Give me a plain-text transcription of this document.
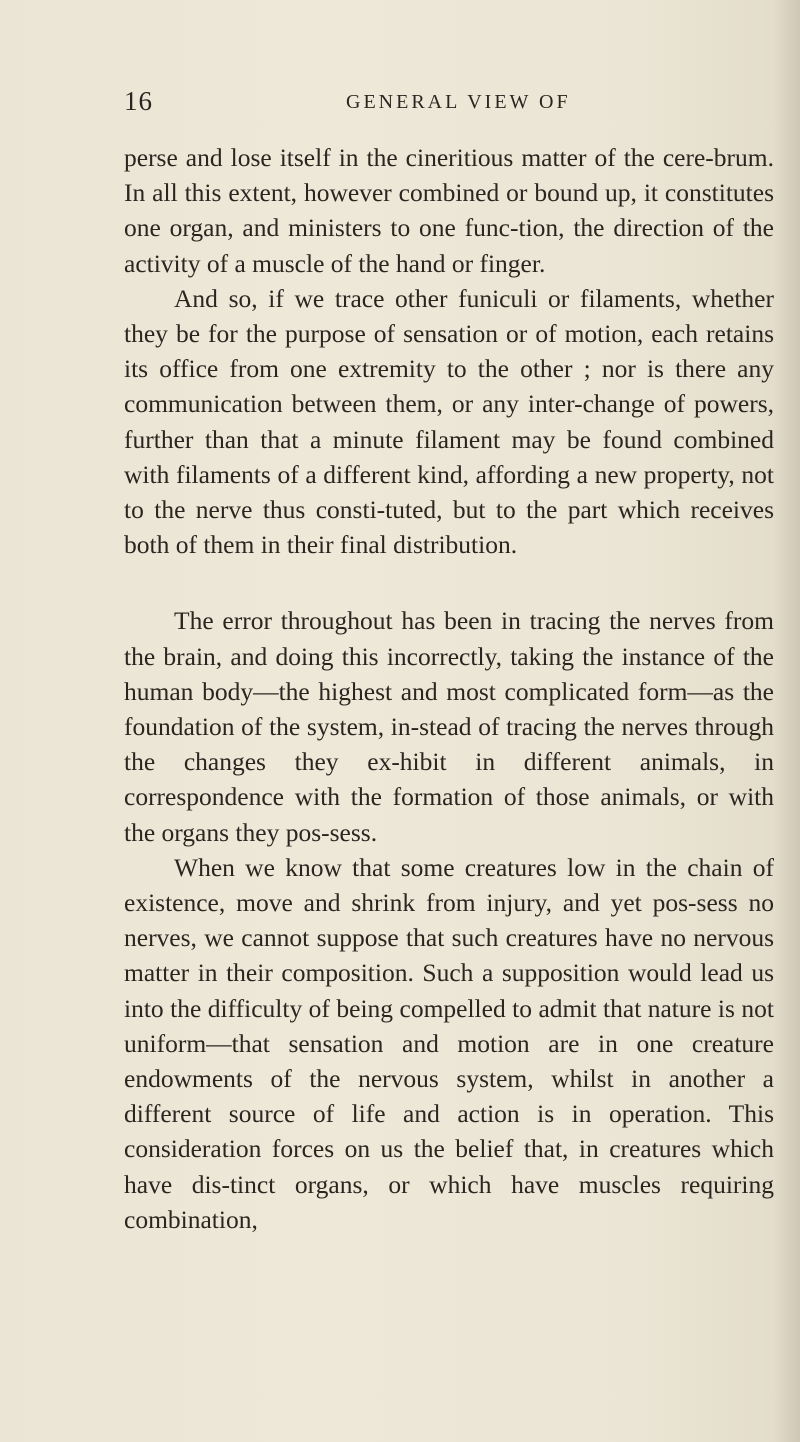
16	GENERAL VIEW OF

perse and lose itself in the cineritious matter of the cere-brum. In all this extent, however combined or bound up, it constitutes one organ, and ministers to one func-tion, the direction of the activity of a muscle of the hand or finger.

And so, if we trace other funiculi or filaments, whether they be for the purpose of sensation or of motion, each retains its office from one extremity to the other ; nor is there any communication between them, or any inter-change of powers, further than that a minute filament may be found combined with filaments of a different kind, affording a new property, not to the nerve thus consti-tuted, but to the part which receives both of them in their final distribution.

The error throughout has been in tracing the nerves from the brain, and doing this incorrectly, taking the instance of the human body—the highest and most complicated form—as the foundation of the system, in-stead of tracing the nerves through the changes they ex-hibit in different animals, in correspondence with the formation of those animals, or with the organs they pos-sess.

When we know that some creatures low in the chain of existence, move and shrink from injury, and yet pos-sess no nerves, we cannot suppose that such creatures have no nervous matter in their composition. Such a supposition would lead us into the difficulty of being compelled to admit that nature is not uniform—that sensation and motion are in one creature endowments of the nervous system, whilst in another a different source of life and action is in operation. This consideration forces on us the belief that, in creatures which have dis-tinct organs, or which have muscles requiring combination,
